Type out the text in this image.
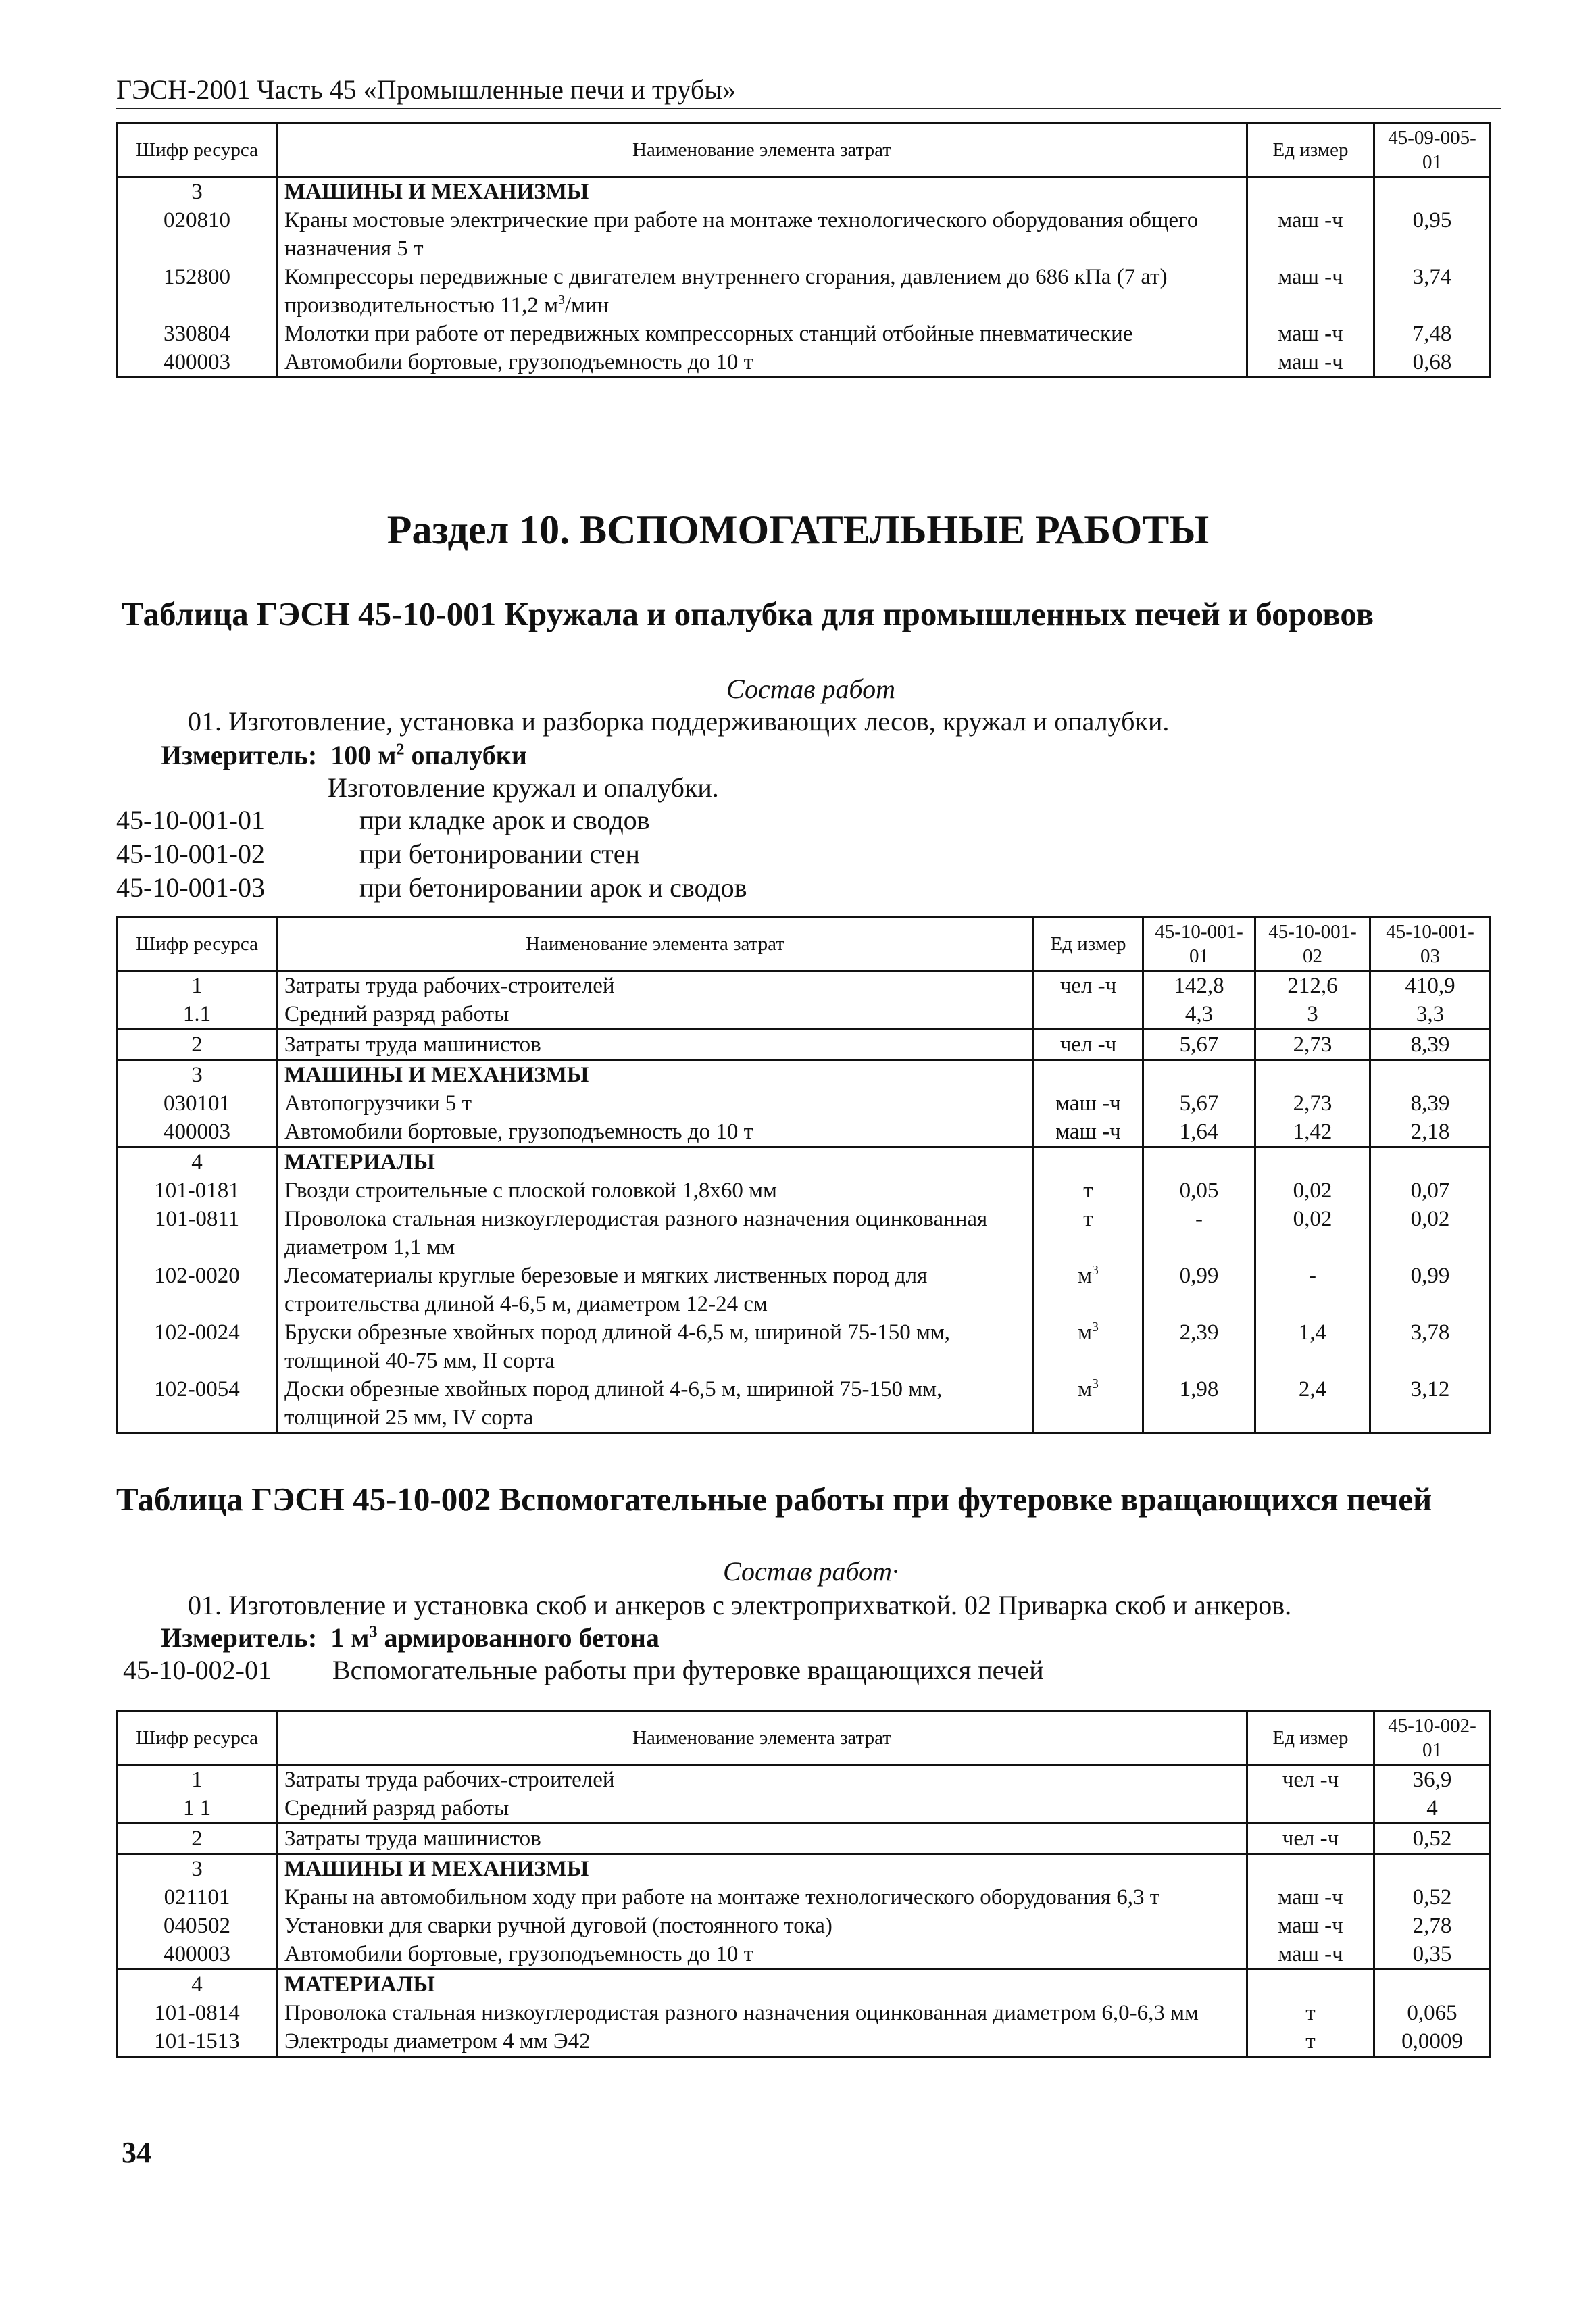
ГЭСН-2001 Часть 45 «Промышленные печи и трубы»
Шифр ресурса	Наименование элемента затрат	Ед измер	45-09-005-01
3	МАШИНЫ И МЕХАНИЗМЫ		
020810	Краны мостовые электрические при работе на монтаже технологического оборудования общего назначения 5 т	маш -ч	0,95
152800	Компрессоры передвижные с двигателем внутреннего сгорания, давлением до 686 кПа (7 ат) производительностью 11,2 $м^3$/мин	маш -ч	3,74
330804	Молотки при работе от передвижных компрессорных станций отбойные пневматические	маш -ч	7,48
400003	Автомобили бортовые, грузоподъемность до 10 т	маш -ч	0,68
Раздел 10. ВСПОМОГАТЕЛЬНЫЕ РАБОТЫ
Таблица ГЭСН 45-10-001 Кружала и опалубка для промышленных печей и боровов
Состав работ
01. Изготовление, установка и разборка поддерживающих лесов, кружал и опалубки.
Измеритель: 100 $м^2$ опалубки
Изготовление кружал и опалубки.
45-10-001-01	при кладке арок и сводов
45-10-001-02	при бетонировании стен
45-10-001-03	при бетонировании арок и сводов
Шифр ресурса	Наименование элемента затрат	Ед измер	45-10-001-01	45-10-001-02	45-10-001-03
1	Затраты труда рабочих-строителей	чел -ч	142,8	212,6	410,9
1.1	Средний разряд работы		4,3	3	3,3
2	Затраты труда машинистов	чел -ч	5,67	2,73	8,39
3	МАШИНЫ И МЕХАНИЗМЫ				
030101	Автопогрузчики 5 т	маш -ч	5,67	2,73	8,39
400003	Автомобили бортовые, грузоподъемность до 10 т	маш -ч	1,64	1,42	2,18
4	МАТЕРИАЛЫ				
101-0181	Гвозди строительные с плоской головкой 1,8х60 мм	т	0,05	0,02	0,07
101-0811	Проволока стальная низкоуглеродистая разного назначения оцинкованная диаметром 1,1 мм	т	-	0,02	0,02
102-0020	Лесоматериалы круглые березовые и мягких лиственных пород для строительства длиной 4-6,5 м, диаметром 12-24 см	$м^3$	0,99	-	0,99
102-0024	Бруски обрезные хвойных пород длиной 4-6,5 м, шириной 75-150 мм, толщиной 40-75 мм, II сорта	$м^3$	2,39	1,4	3,78
102-0054	Доски обрезные хвойных пород длиной 4-6,5 м, шириной 75-150 мм, толщиной 25 мм, IV сорта	$м^3$	1,98	2,4	3,12
Таблица ГЭСН 45-10-002 Вспомогательные работы при футеровке вращающихся печей
Состав работ·
01. Изготовление и установка скоб и анкеров с электроприхваткой. 02 Приварка скоб и анкеров.
Измеритель: 1 $м^3$ армированного бетона
45-10-002-01 Вспомогательные работы при футеровке вращающихся печей
Шифр ресурса	Наименование элемента затрат	Ед измер	45-10-002-01
1	Затраты труда рабочих-строителей	чел -ч	36,9
1 1	Средний разряд работы		4
2	Затраты труда машинистов	чел -ч	0,52
3	МАШИНЫ И МЕХАНИЗМЫ		
021101	Краны на автомобильном ходу при работе на монтаже технологического оборудования 6,3 т	маш -ч	0,52
040502	Установки для сварки ручной дуговой (постоянного тока)	маш -ч	2,78
400003	Автомобили бортовые, грузоподъемность до 10 т	маш -ч	0,35
4	МАТЕРИАЛЫ		
101-0814	Проволока стальная низкоуглеродистая разного назначения оцинкованная диаметром 6,0-6,3 мм	т	0,065
101-1513	Электроды диаметром 4 мм Э42	т	0,0009
34
